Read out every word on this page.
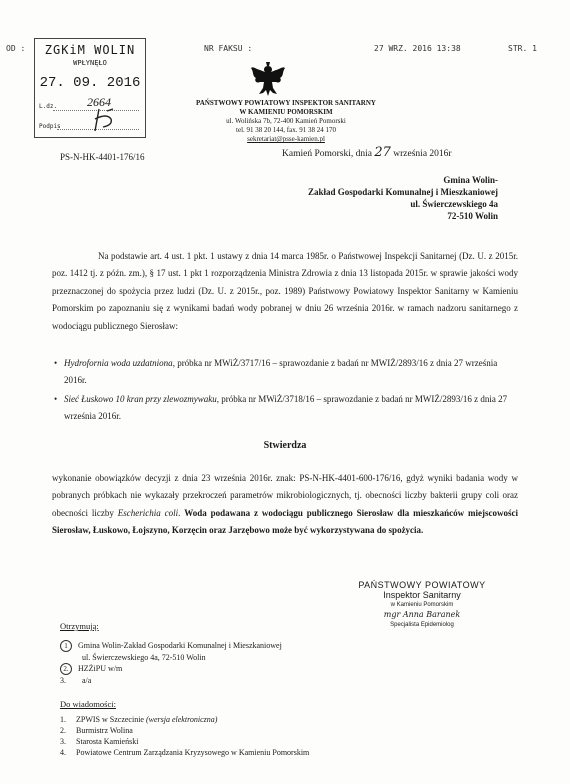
OD :	NR FAKSU :	27 WRZ. 2016 13:38	STR. 1
ZGKiM WOLIN
WPŁYNĘŁO
27. 09. 2016
L.dz. 2664
Podpis
PAŃSTWOWY POWIATOWY INSPEKTOR SANITARNY
W KAMIENIU POMORSKIM
ul. Wolińska 7b, 72-400 Kamień Pomorski
tel. 91 38 20 144, fax. 91 38 24 170
sekretariat@psse-kamien.pl
PS-N-HK-4401-176/16	Kamień Pomorski, dnia 27 września 2016r
Gmina Wolin-
Zakład Gospodarki Komunalnej i Mieszkaniowej
ul. Świerczewskiego 4a
72-510 Wolin
Na podstawie art. 4 ust. 1 pkt. 1 ustawy z dnia 14 marca 1985r. o Państwowej Inspekcji Sanitarnej (Dz. U. z 2015r. poz. 1412 tj. z późn. zm.), § 17 ust. 1 pkt 1 rozporządzenia Ministra Zdrowia z dnia 13 listopada 2015r. w sprawie jakości wody przeznaczonej do spożycia przez ludzi (Dz. U. z 2015r., poz. 1989) Państwowy Powiatowy Inspektor Sanitarny w Kamieniu Pomorskim po zapoznaniu się z wynikami badań wody pobranej w dniu 26 września 2016r. w ramach nadzoru sanitarnego z wodociągu publicznego Sierosław:
• Hydrofornia woda uzdatniona, próbka nr MWiŻ/3717/16 – sprawozdanie z badań nr MWIŻ/2893/16 z dnia 27 września 2016r.
• Sieć Łuskowo 10 kran przy zlewozmywaku, próbka nr MWiŻ/3718/16 – sprawozdanie z badań nr MWIŻ/2893/16 z dnia 27 września 2016r.
Stwierdza
wykonanie obowiązków decyzji z dnia 23 września 2016r. znak: PS-N-HK-4401-600-176/16, gdyż wyniki badania wody w pobranych próbkach nie wykazały przekroczeń parametrów mikrobiologicznych, tj. obecności liczby bakterii grupy coli oraz obecności liczby Escherichia coli. Woda podawana z wodociągu publicznego Sierosław dla mieszkańców miejscowości Sierosław, Łuskowo, Łojszyno, Korzęcin oraz Jarzębowo może być wykorzystywana do spożycia.
PAŃSTWOWY POWIATOWY
Inspektor Sanitarny
w Kamieniu Pomorskim
mgr Anna Baranek
Specjalista Epidemiolog
Otrzymują:
1 Gmina Wolin-Zakład Gospodarki Komunalnej i Mieszkaniowej
ul. Świerczewskiego 4a, 72-510 Wolin
2. HZŻiPU w/m
3. a/a
Do wiadomości:
1. ZPWIS w Szczecinie (wersja elektroniczna)
2. Burmistrz Wolina
3. Starosta Kamieński
4. Powiatowe Centrum Zarządzania Kryzysowego w Kamieniu Pomorskim
